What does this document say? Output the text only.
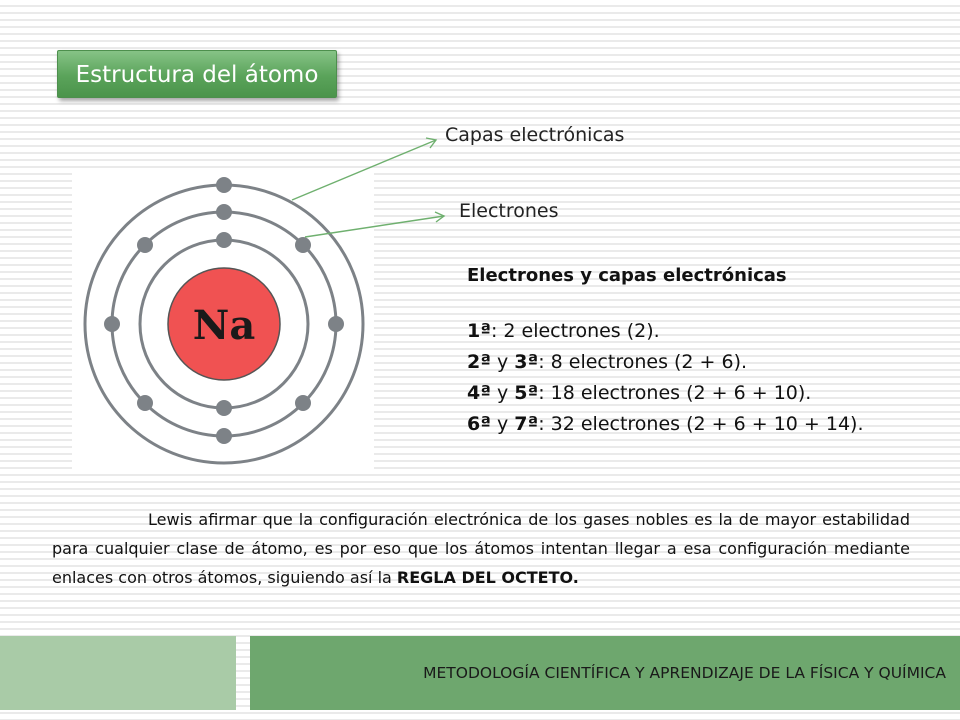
Estructura del átomo
Na
Capas electrónicas
Electrones

Electrones y capas electrónicas

1ª: 2 electrones (2).

2ª y 3ª: 8 electrones (2 + 6).

4ª y 5ª: 18 electrones (2 + 6 + 10).

6ª y 7ª: 32 electrones (2 + 6 + 10 + 14).

Lewis afirmar que la configuración electrónica de los gases nobles es la de mayor estabilidad para cualquier clase de átomo, es por eso que los átomos intentan llegar a esa configuración mediante enlaces con otros átomos, siguiendo así la REGLA DEL OCTETO.
METODOLOGÍA CIENTÍFICA Y APRENDIZAJE DE LA FÍSICA Y QUÍMICA
